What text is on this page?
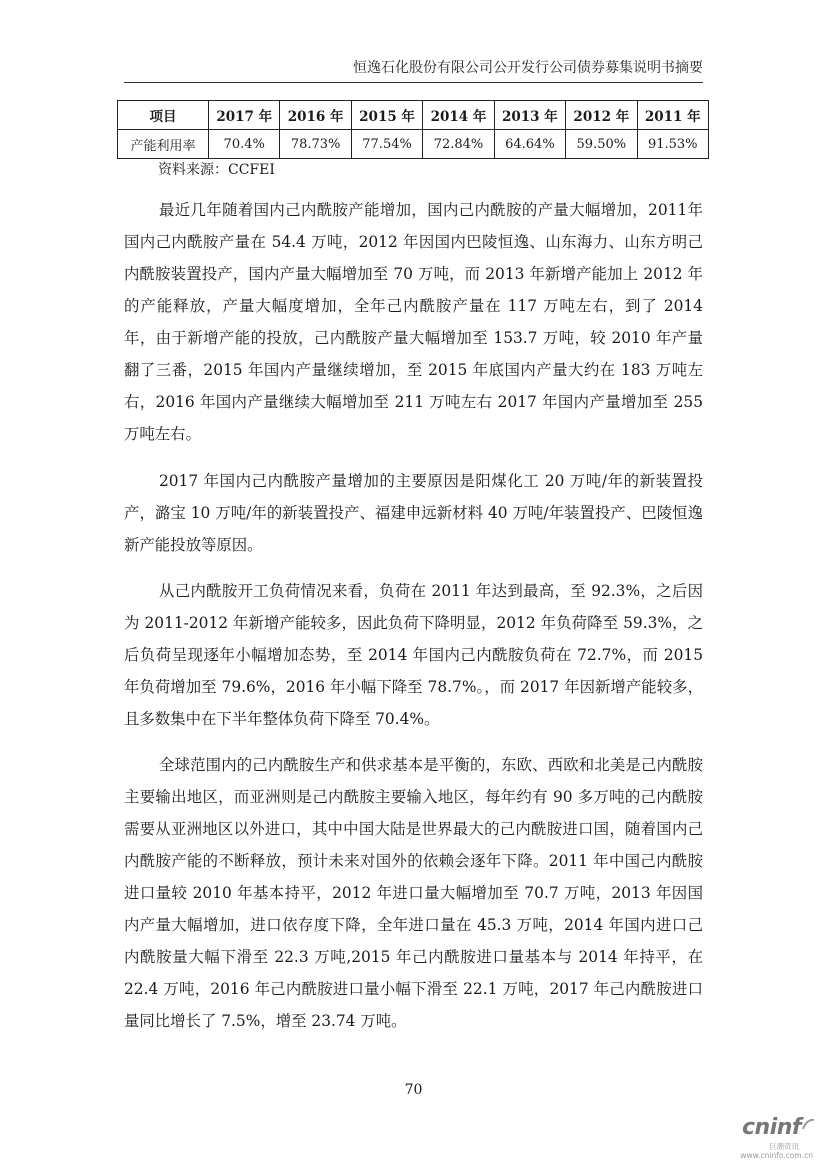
恒逸石化股份有限公司公开发行公司债券募集说明书摘要
项目	2017 年	2016 年	2015 年	2014 年	2013 年	2012 年	2011 年
产能利用率	70.4%	78.73%	77.54%	72.84%	64.64%	59.50%	91.53%
资料来源：CCFEI

最近几年随着国内己内酰胺产能增加，国内己内酰胺的产量大幅增加，2011年国内己内酰胺产量在 54.4 万吨，2012 年因国内巴陵恒逸、山东海力、山东方明己内酰胺装置投产，国内产量大幅增加至 70 万吨，而 2013 年新增产能加上 2012 年的产能释放，产量大幅度增加，全年己内酰胺产量在 117 万吨左右，到了 2014 年，由于新增产能的投放，己内酰胺产量大幅增加至 153.7 万吨，较 2010 年产量翻了三番，2015 年国内产量继续增加，至 2015 年底国内产量大约在 183 万吨左右，2016 年国内产量继续大幅增加至 211 万吨左右 2017 年国内产量增加至 255 万吨左右。

2017 年国内己内酰胺产量增加的主要原因是阳煤化工 20 万吨/年的新装置投产，潞宝 10 万吨/年的新装置投产、福建申远新材料 40 万吨/年装置投产、巴陵恒逸新产能投放等原因。

从己内酰胺开工负荷情况来看，负荷在 2011 年达到最高，至 92.3%，之后因为 2011-2012 年新增产能较多，因此负荷下降明显，2012 年负荷降至 59.3%，之后负荷呈现逐年小幅增加态势，至 2014 年国内己内酰胺负荷在 72.7%，而 2015 年负荷增加至 79.6%，2016 年小幅下降至 78.7%。，而 2017 年因新增产能较多，且多数集中在下半年整体负荷下降至 70.4%。

全球范围内的己内酰胺生产和供求基本是平衡的，东欧、西欧和北美是己内酰胺主要输出地区，而亚洲则是己内酰胺主要输入地区，每年约有 90 多万吨的己内酰胺需要从亚洲地区以外进口，其中中国大陆是世界最大的己内酰胺进口国，随着国内己内酰胺产能的不断释放，预计未来对国外的依赖会逐年下降。2011 年中国己内酰胺进口量较 2010 年基本持平，2012 年进口量大幅增加至 70.7 万吨，2013 年因国内产量大幅增加，进口依存度下降，全年进口量在 45.3 万吨，2014 年国内进口己内酰胺量大幅下滑至 22.3 万吨,2015 年己内酰胺进口量基本与 2014 年持平，在 22.4 万吨，2016 年己内酰胺进口量小幅下滑至 22.1 万吨，2017 年己内酰胺进口量同比增长了 7.5%，增至 23.74 万吨。

70
cninf
巨潮资讯
www.cninfo.com.cn
